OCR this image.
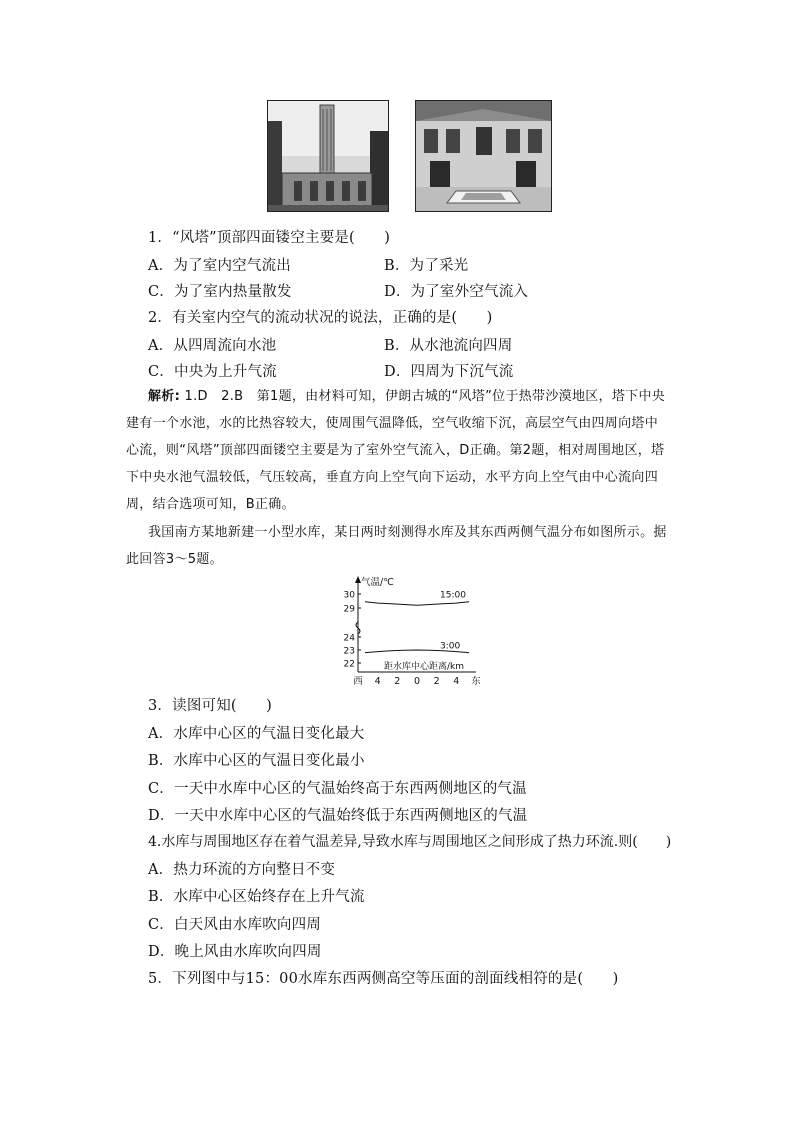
1．“风塔”顶部四面镂空主要是(　　)
A．为了室内空气流出	B．为了采光
C．为了室内热量散发	D．为了室外空气流入
2．有关室内空气的流动状况的说法，正确的是(　　)
A．从四周流向水池	B．从水池流向四周
C．中央为上升气流	D．四周为下沉气流

解析: 1.D　2.B　 第1题，由材料可知，伊朗古城的“风塔”位于热带沙漠地区，塔下中央建有一个水池，水的比热容较大，使周围气温降低，空气收缩下沉，高层空气由四周向塔中心流，则“风塔”顶部四面镂空主要是为了室外空气流入，D正确。第2题，相对周围地区，塔下中央水池气温较低，气压较高，垂直方向上空气向下运动，水平方向上空气由中心流向四周，结合选项可知，B正确。

我国南方某地新建一小型水库，某日两时刻测得水库及其东西两侧气温分布如图所示。据此回答3～5题。

气温/℃
30
29
24
23
22
西 4 2 0 2 4 东
15:00
3:00
距水库中心距离/km
3．读图可知(　　)
A．水库中心区的气温日变化最大
B．水库中心区的气温日变化最小
C．一天中水库中心区的气温始终高于东西两侧地区的气温
D．一天中水库中心区的气温始终低于东西两侧地区的气温
4.水库与周围地区存在着气温差异,导致水库与周围地区之间形成了热力环流.则(　　)
A．热力环流的方向整日不变
B．水库中心区始终存在上升气流
C．白天风由水库吹向四周
D．晚上风由水库吹向四周
5．下列图中与15：00水库东西两侧高空等压面的剖面线相符的是(　　)
